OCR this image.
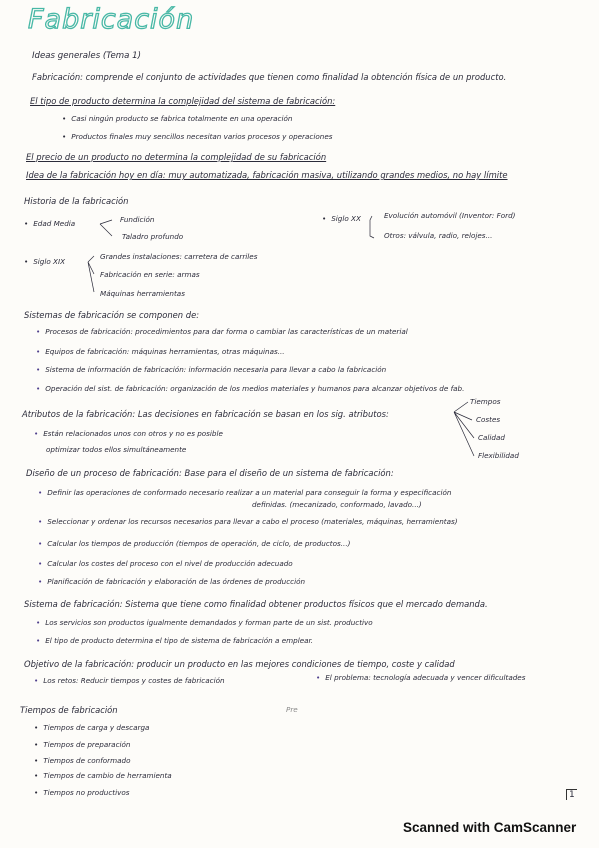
Fabricación
Ideas generales (Tema 1)
Fabricación: comprende el conjunto de actividades que tienen como finalidad la obtención física de un producto.
El tipo de producto determina la complejidad del sistema de fabricación:
• Casi ningún producto se fabrica totalmente en una operación
• Productos finales muy sencillos necesitan varios procesos y operaciones
El precio de un producto no determina la complejidad de su fabricación
Idea de la fabricación hoy en día: muy automatizada, fabricación masiva, utilizando grandes medios, no hay límite
Historia de la fabricación
• Edad Media	Fundición
Taladro profundo
• Siglo XX	Evolución automóvil (Inventor: Ford)
Otros: válvula, radio, relojes...
• Siglo XIX
Grandes instalaciones: carretera de carriles
Fabricación en serie: armas
Máquinas herramientas
Sistemas de fabricación se componen de:
• Procesos de fabricación: procedimientos para dar forma o cambiar las características de un material
• Equipos de fabricación: máquinas herramientas, otras máquinas...
• Sistema de información de fabricación: información necesaria para llevar a cabo la fabricación
• Operación del sist. de fabricación: organización de los medios materiales y humanos para alcanzar objetivos de fab.
Atributos de la fabricación: Las decisiones en fabricación se basan en los sig. atributos:
Tiempos
Costes
Calidad
Flexibilidad
• Están relacionados unos con otros y no es posible
optimizar todos ellos simultáneamente
Diseño de un proceso de fabricación: Base para el diseño de un sistema de fabricación:
• Definir las operaciones de conformado necesario realizar a un material para conseguir la forma y especificación
definidas. (mecanizado, conformado, lavado...)
• Seleccionar y ordenar los recursos necesarios para llevar a cabo el proceso (materiales, máquinas, herramientas)
• Calcular los tiempos de producción (tiempos de operación, de ciclo, de productos...)
• Calcular los costes del proceso con el nivel de producción adecuado
• Planificación de fabricación y elaboración de las órdenes de producción
Sistema de fabricación: Sistema que tiene como finalidad obtener productos físicos que el mercado demanda.
• Los servicios son productos igualmente demandados y forman parte de un sist. productivo
• El tipo de producto determina el tipo de sistema de fabricación a emplear.
Objetivo de la fabricación: producir un producto en las mejores condiciones de tiempo, coste y calidad
• Los retos: Reducir tiempos y costes de fabricación	• El problema: tecnología adecuada y vencer dificultades
Pre
Tiempos de fabricación
• Tiempos de carga y descarga
• Tiempos de preparación
• Tiempos de conformado
• Tiempos de cambio de herramienta
• Tiempos no productivos	1
Scanned with CamScanner
